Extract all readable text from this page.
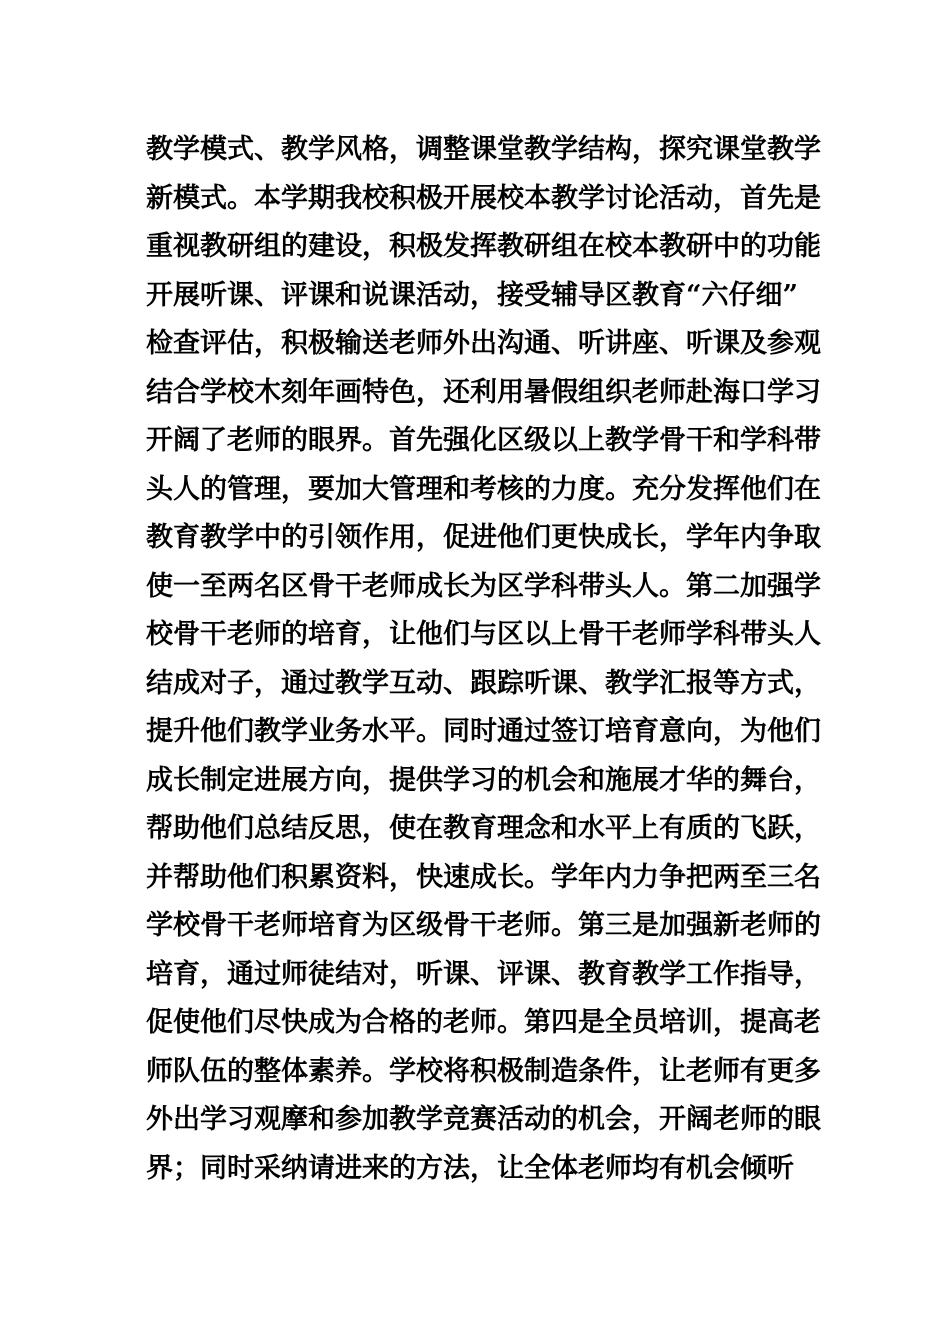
教学模式、教学风格，调整课堂教学结构，探究课堂教学
新模式。本学期我校积极开展校本教学讨论活动，首先是
重视教研组的建设，积极发挥教研组在校本教研中的功能
开展听课、评课和说课活动，接受辅导区教育“六仔细”
检查评估，积极输送老师外出沟通、听讲座、听课及参观
结合学校木刻年画特色，还利用暑假组织老师赴海口学习
开阔了老师的眼界。首先强化区级以上教学骨干和学科带
头人的管理，要加大管理和考核的力度。充分发挥他们在
教育教学中的引领作用，促进他们更快成长，学年内争取
使一至两名区骨干老师成长为区学科带头人。第二加强学
校骨干老师的培育，让他们与区以上骨干老师学科带头人
结成对子，通过教学互动、跟踪听课、教学汇报等方式，
提升他们教学业务水平。同时通过签订培育意向，为他们
成长制定进展方向，提供学习的机会和施展才华的舞台，
帮助他们总结反思，使在教育理念和水平上有质的飞跃，
并帮助他们积累资料，快速成长。学年内力争把两至三名
学校骨干老师培育为区级骨干老师。第三是加强新老师的
培育，通过师徒结对，听课、评课、教育教学工作指导，
促使他们尽快成为合格的老师。第四是全员培训，提高老
师队伍的整体素养。学校将积极制造条件，让老师有更多
外出学习观摩和参加教学竞赛活动的机会，开阔老师的眼
界；同时采纳请进来的方法，让全体老师均有机会倾听
